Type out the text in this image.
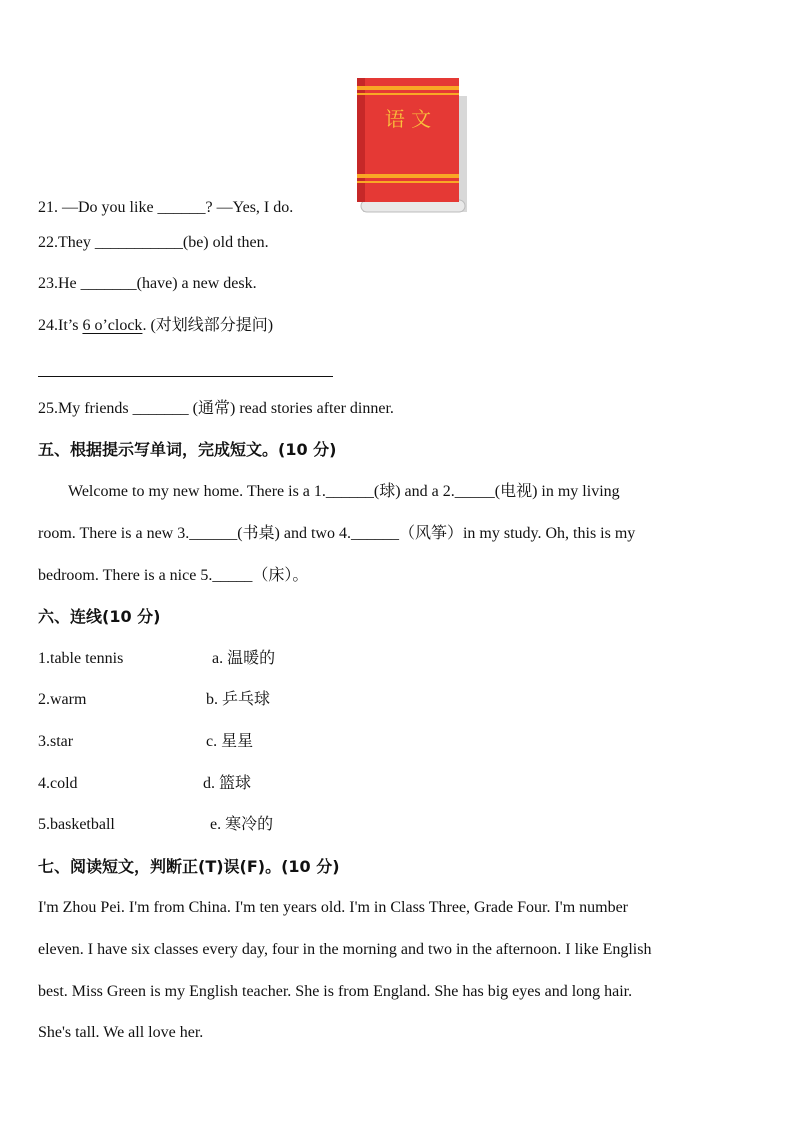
语 文
21. —Do you like ______? —Yes, I do.
22.They ___________(be) old then.
23.He _______(have) a new desk.
24.It’s 6 o’clock. (对划线部分提问)
25.My friends _______ (通常) read stories after dinner.
五、根据提示写单词，完成短文。(10 分)
Welcome to my new home. There is a 1.______(球) and a 2._____(电视) in my living
room. There is a new 3.______(书桌) and two 4.______（风筝）in my study. Oh, this is my
bedroom. There is a nice 5._____（床）。
六、连线(10 分)
1.table tennis
2.warm
3.star
4.cold
5.basketball
a. 温暖的
b. 乒乓球
c. 星星
d. 篮球
e. 寒冷的
七、阅读短文，判断正(T)误(F)。(10 分)
I'm Zhou Pei. I'm from China. I'm ten years old. I'm in Class Three, Grade Four. I'm number
eleven. I have six classes every day, four in the morning and two in the afternoon. I like English
best. Miss Green is my English teacher. She is from England. She has big eyes and long hair.
She's tall. We all love her.
